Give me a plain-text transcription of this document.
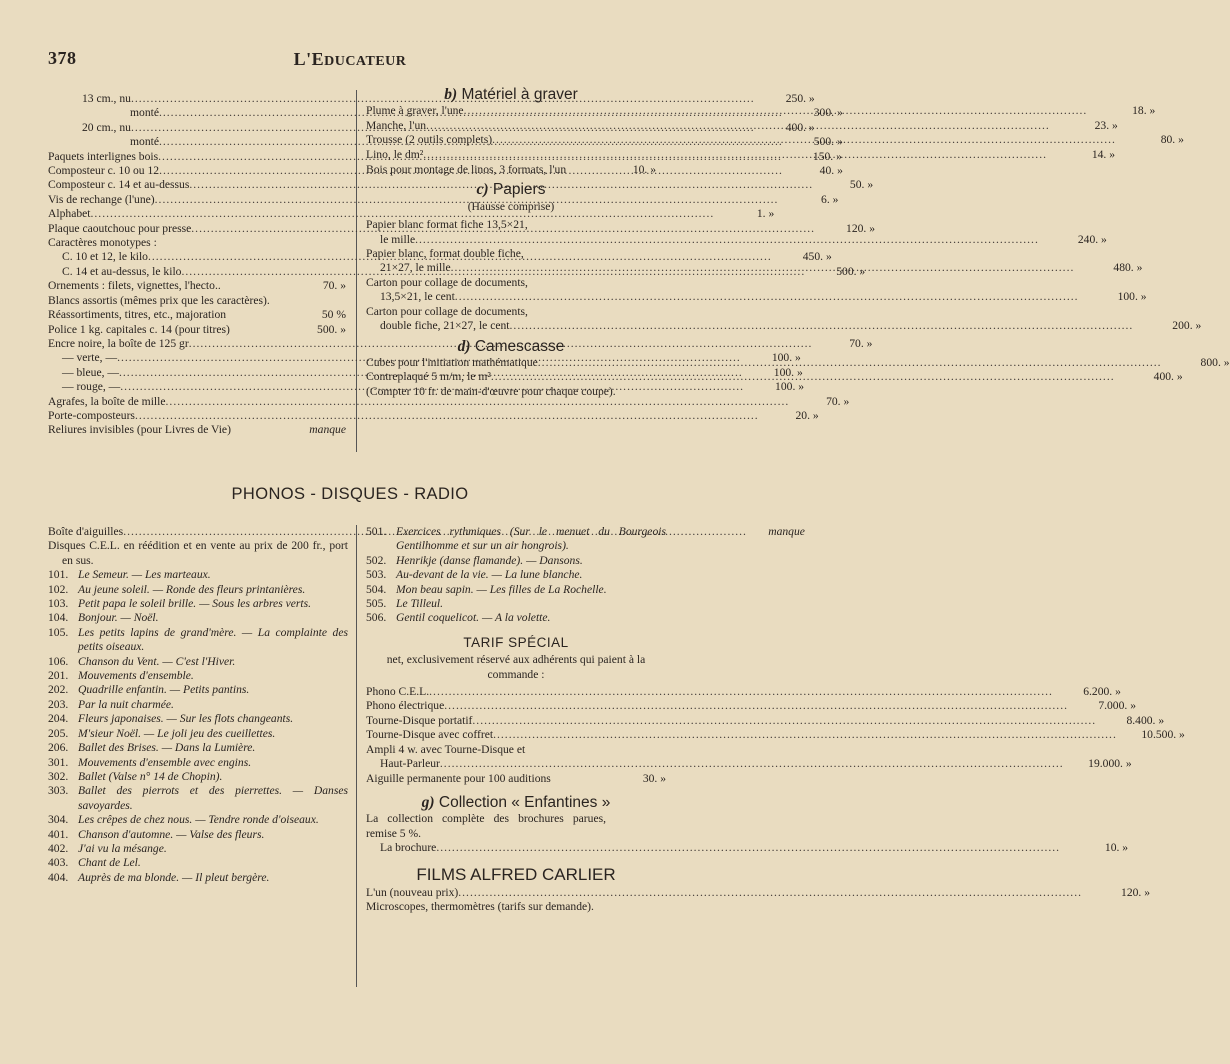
378	L'EDUCATEUR
13 cm., nu .....	250. »
monté .....	300. »
20 cm., nu .....	400. »
monté .....	500. »
Paquets interlignes bois .....	150. »
Composteur c. 10 ou 12 .....	40. »
Composteur c. 14 et au-dessus .....	50. »
Vis de rechange (l'une) .....	6. »
Alphabet .....	1. »
Plaque caoutchouc pour presse .....	120. »
Caractères monotypes :
C. 10 et 12, le kilo .....	450. »
C. 14 et au-dessus, le kilo .....	500. »
Ornements : filets, vignettes, l'hecto..	70. »
Blancs assortis (mêmes prix que les caractères).
Réassortiments, titres, etc., majoration	50 %
Police 1 kg. capitales c. 14 (pour titres)	500. »
Encre noire, la boîte de 125 gr .....	70. »
— verte, — .....	100. »
— bleue, — .....	100. »
— rouge, — .....	100. »
Agrafes, la boîte de mille .....	70. »
Porte-composteurs .....	20. »
Reliures invisibles (pour Livres de Vie)	manque
b) Matériel à graver
Plume à graver, l'une .....	18. »
Manche, l'un .....	23. »
Trousse (2 outils complets) .....	80. »
Lino, le dm² .....	14. »
Bois pour montage de linos, 3 formats, l'un	10. »
c) Papiers
(Hausse comprise)
Papier blanc format fiche 13,5×21,
le mille .....	240. »
Papier blanc, format double fiche,
21×27, le mille .....	480. »
Carton pour collage de documents,
13,5×21, le cent .....	100. »
Carton pour collage de documents,
double fiche, 21×27, le cent .....	200. »
d) Camescasse
Cubes pour l'initiation mathématique .....	800. »
Contreplaqué 5 m/m, le m² .....	400. »
(Compter 10 fr. de main-d'œuvre pour chaque coupe).
PHONOS - DISQUES - RADIO
Boîte d'aiguilles .....	manque
Disques C.E.L. en réédition et en vente au prix de 200 fr., port en sus.
101. Le Semeur. — Les marteaux.
102. Au jeune soleil. — Ronde des fleurs printanières.
103. Petit papa le soleil brille. — Sous les arbres verts.
104. Bonjour. — Noël.
105. Les petits lapins de grand'mère. — La complainte des petits oiseaux.
106. Chanson du Vent. — C'est l'Hiver.
201. Mouvements d'ensemble.
202. Quadrille enfantin. — Petits pantins.
203. Par la nuit charmée.
204. Fleurs japonaises. — Sur les flots changeants.
205. M'sieur Noël. — Le joli jeu des cueillettes.
206. Ballet des Brises. — Dans la Lumière.
301. Mouvements d'ensemble avec engins.
302. Ballet (Valse n° 14 de Chopin).
303. Ballet des pierrots et des pierrettes. — Danses savoyardes.
304. Les crêpes de chez nous. — Tendre ronde d'oiseaux.
401. Chanson d'automne. — Valse des fleurs.
402. J'ai vu la mésange.
403. Chant de Lel.
404. Auprès de ma blonde. — Il pleut bergère.
501. Exercices rythmiques (Sur le menuet du Bourgeois Gentilhomme et sur un air hongrois).
502. Henrikje (danse flamande). — Dansons.
503. Au-devant de la vie. — La lune blanche.
504. Mon beau sapin. — Les filles de La Rochelle.
505. Le Tilleul.
506. Gentil coquelicot. — A la volette.
TARIF SPÉCIAL
net, exclusivement réservé aux adhérents qui paient à la commande :
Phono C.E.L. .....	6.200. »
Phono électrique .....	7.000. »
Tourne-Disque portatif .....	8.400. »
Tourne-Disque avec coffret .....	10.500. »
Ampli 4 w. avec Tourne-Disque et
Haut-Parleur .....	19.000. »
Aiguille permanente pour 100 auditions	30. »
g) Collection « Enfantines »
La collection complète des brochures parues, remise 5 %.
La brochure .....	10. »
FILMS ALFRED CARLIER
L'un (nouveau prix) .....	120. »
Microscopes, thermomètres (tarifs sur demande).
